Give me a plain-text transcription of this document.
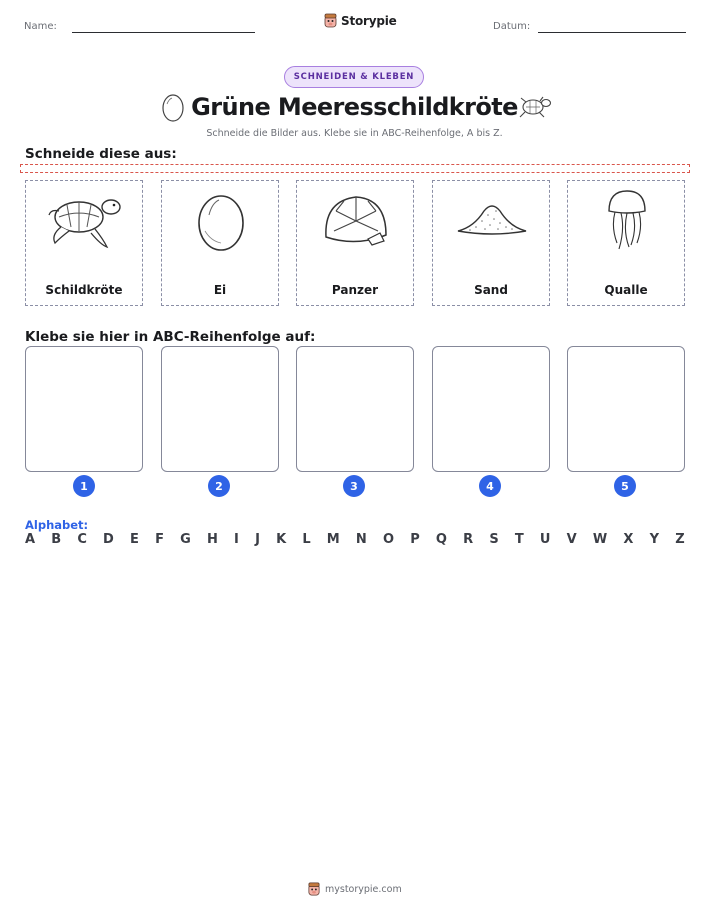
Name:	Storypie	Datum:
SCHNEIDEN & KLEBEN
Grüne Meeresschildkröte
Schneide die Bilder aus. Klebe sie in ABC-Reihenfolge, A bis Z.
Schneide diese aus:
Schildkröte	Ei	Panzer	Sand	Qualle
Klebe sie hier in ABC-Reihenfolge auf:
1	2	3	4	5
Alphabet:
A B C D E F G H I J K L M N O P Q R S T U V W X Y Z
mystorypie.com
